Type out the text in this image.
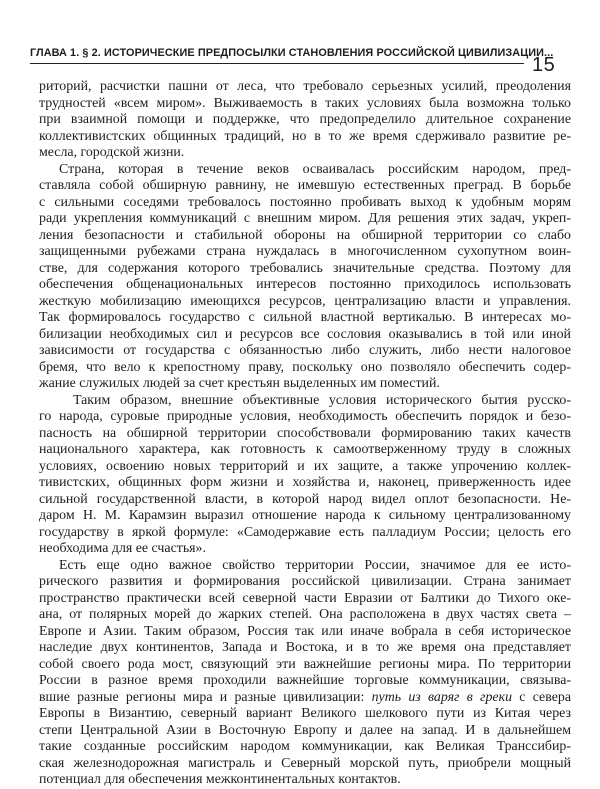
ГЛАВА 1. § 2. ИСТОРИЧЕСКИЕ ПРЕДПОСЫЛКИ СТАНОВЛЕНИЯ РОССИЙСКОЙ ЦИВИЛИЗАЦИИ...
15
риторий, расчистки пашни от леса, что требовало серьезных усилий, преодоления
трудностей «всем миром». Выживаемость в таких условиях была возможна только
при взаимной помощи и поддержке, что предопределило длительное сохранение
коллективистских общинных традиций, но в то же время сдерживало развитие ре-
месла, городской жизни.
Страна, которая в течение веков осваивалась российским народом, пред-
ставляла собой обширную равнину, не имевшую естественных преград. В борьбе
с сильными соседями требовалось постоянно пробивать выход к удобным морям
ради укрепления коммуникаций с внешним миром. Для решения этих задач, укреп-
ления безопасности и стабильной обороны на обширной территории со слабо
защищенными рубежами страна нуждалась в многочисленном сухопутном воин-
стве, для содержания которого требовались значительные средства. Поэтому для
обеспечения общенациональных интересов постоянно приходилось использовать
жесткую мобилизацию имеющихся ресурсов, централизацию власти и управления.
Так формировалось государство с сильной властной вертикалью. В интересах мо-
билизации необходимых сил и ресурсов все сословия оказывались в той или иной
зависимости от государства с обязанностью либо служить, либо нести налоговое
бремя, что вело к крепостному праву, поскольку оно позволяло обеспечить содер-
жание служилых людей за счет крестьян выделенных им поместий.
Таким образом, внешние объективные условия исторического бытия русско-
го народа, суровые природные условия, необходимость обеспечить порядок и безо-
пасность на обширной территории способствовали формированию таких качеств
национального характера, как готовность к самоотверженному труду в сложных
условиях, освоению новых территорий и их защите, а также упрочению коллек-
тивистских, общинных форм жизни и хозяйства и, наконец, приверженность идее
сильной государственной власти, в которой народ видел оплот безопасности. Не-
даром Н. М. Карамзин выразил отношение народа к сильному централизованному
государству в яркой формуле: «Самодержавие есть палладиум России; целость его
необходима для ее счастья».
Есть еще одно важное свойство территории России, значимое для ее истo-
рического развития и формирования российской цивилизации. Страна занимает
пространство практически всей северной части Евразии от Балтики до Тихого оке-
ана, от полярных морей до жарких степей. Она расположена в двух частях света –
Европе и Азии. Таким образом, Россия так или иначе вобрала в себя историческое
наследие двух континентов, Запада и Востока, и в то же время она представляет
собой своего рода мост, связующий эти важнейшие регионы мира. По территории
России в разное время проходили важнейшие торговые коммуникации, связыва-
вшие разные регионы мира и разные цивилизации: путь из варяг в греки с севера
Европы в Византию, северный вариант Великого шелкового пути из Китая через
степи Центральной Азии в Восточную Европу и далее на запад. И в дальнейшем
такие созданные российским народом коммуникации, как Великая Транссибир-
ская железнодорожная магистраль и Северный морской путь, приобрели мощный
потенциал для обеспечения межконтинентальных контактов.
